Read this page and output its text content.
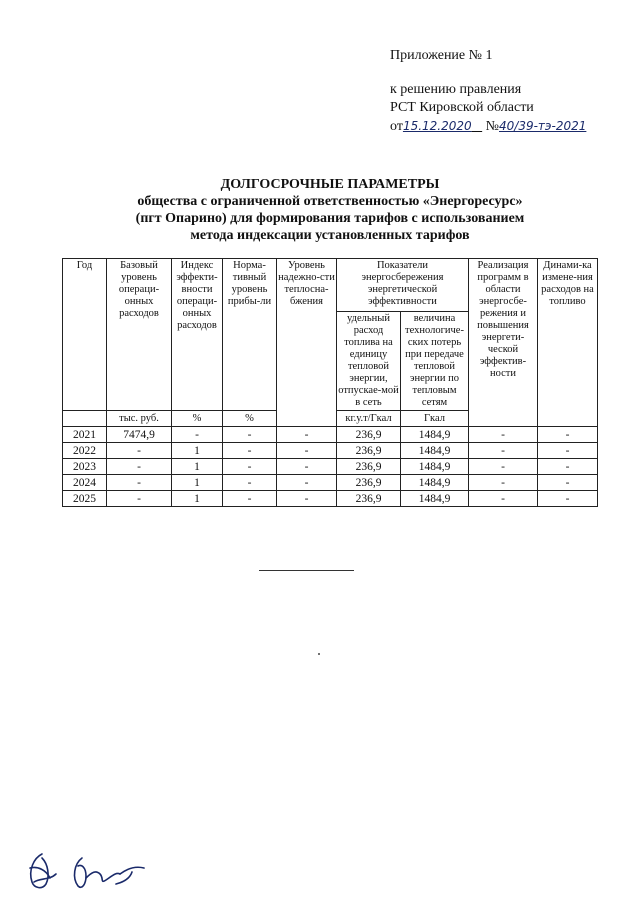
Приложение № 1
к решению правления
РСТ Кировской области
от15.12.2020 №40/39-тэ-2021
ДОЛГОСРОЧНЫЕ ПАРАМЕТРЫ
общества с ограниченной ответственностью «Энергоресурс»
(пгт Опарино) для формирования тарифов с использованием
метода индексации установленных тарифов
Год	Базовый уровень операци-онных расходов	Индекс эффекти-вности операци-онных расходов	Норма-тивный уровень прибы-ли	Уровень надежно-сти теплосна-бжения	Показатели энергосбережения энергетической эффективности		Реализация программ в области энергосбе-режения и повышения энергети-ческой эффектив-ности	Динами-ка измене-ния расходов на топливо
					удельный расход топлива на единицу тепловой энергии, отпускае-мой в сеть	величина технологиче-ских потерь при передаче тепловой энергии по тепловым сетям		
	тыс. руб.	%	%		кг.у.т/Гкал	Гкал		
2021	7474,9	-	-	-	236,9	1484,9	-	-
2022	-	1	-	-	236,9	1484,9	-	-
2023	-	1	-	-	236,9	1484,9	-	-
2024	-	1	-	-	236,9	1484,9	-	-
2025	-	1	-	-	236,9	1484,9	-	-
